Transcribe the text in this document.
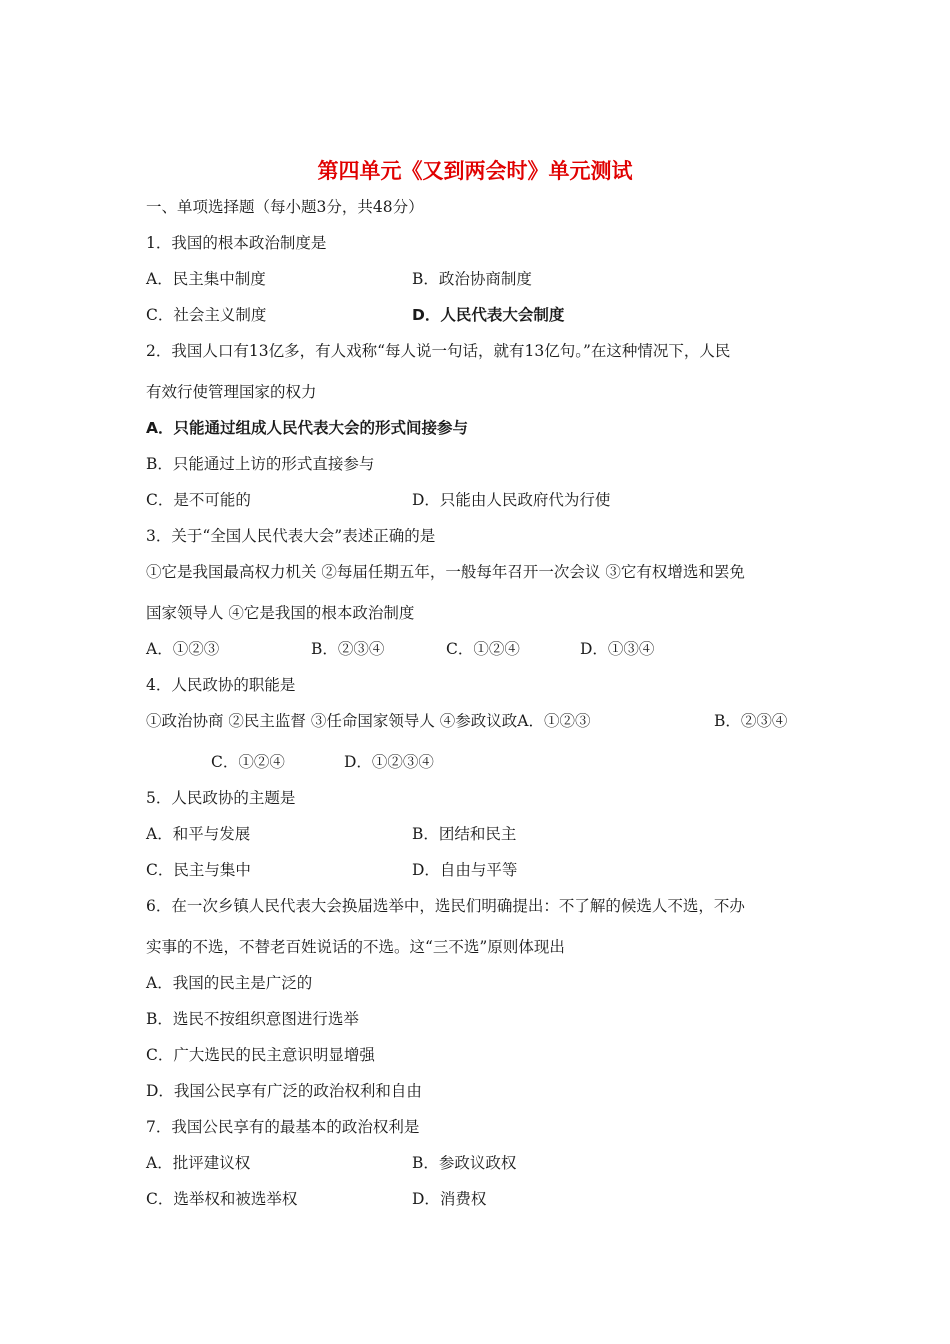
第四单元《又到两会时》单元测试
一、单项选择题（每小题3分，共48分）
1．我国的根本政治制度是
A．民主集中制度	B．政治协商制度
C．社会主义制度	D．人民代表大会制度
2．我国人口有13亿多，有人戏称“每人说一句话，就有13亿句。”在这种情况下，人民
有效行使管理国家的权力
A．只能通过组成人民代表大会的形式间接参与
B．只能通过上访的形式直接参与
C．是不可能的	D．只能由人民政府代为行使
3．关于“全国人民代表大会”表述正确的是
①它是我国最高权力机关 ②每届任期五年，一般每年召开一次会议 ③它有权增选和罢免
国家领导人 ④它是我国的根本政治制度
A．①②③	B．②③④	C．①②④	D．①③④
4．人民政协的职能是
①政治协商 ②民主监督 ③任命国家领导人 ④参政议政A．①②③	B．②③④
C．①②④	D．①②③④
5．人民政协的主题是
A．和平与发展	B．团结和民主
C．民主与集中	D．自由与平等
6．在一次乡镇人民代表大会换届选举中，选民们明确提出：不了解的候选人不选，不办
实事的不选，不替老百姓说话的不选。这“三不选”原则体现出
A．我国的民主是广泛的
B．选民不按组织意图进行选举
C．广大选民的民主意识明显增强
D．我国公民享有广泛的政治权利和自由
7．我国公民享有的最基本的政治权利是
A．批评建议权	B．参政议政权
C．选举权和被选举权	D．消费权
